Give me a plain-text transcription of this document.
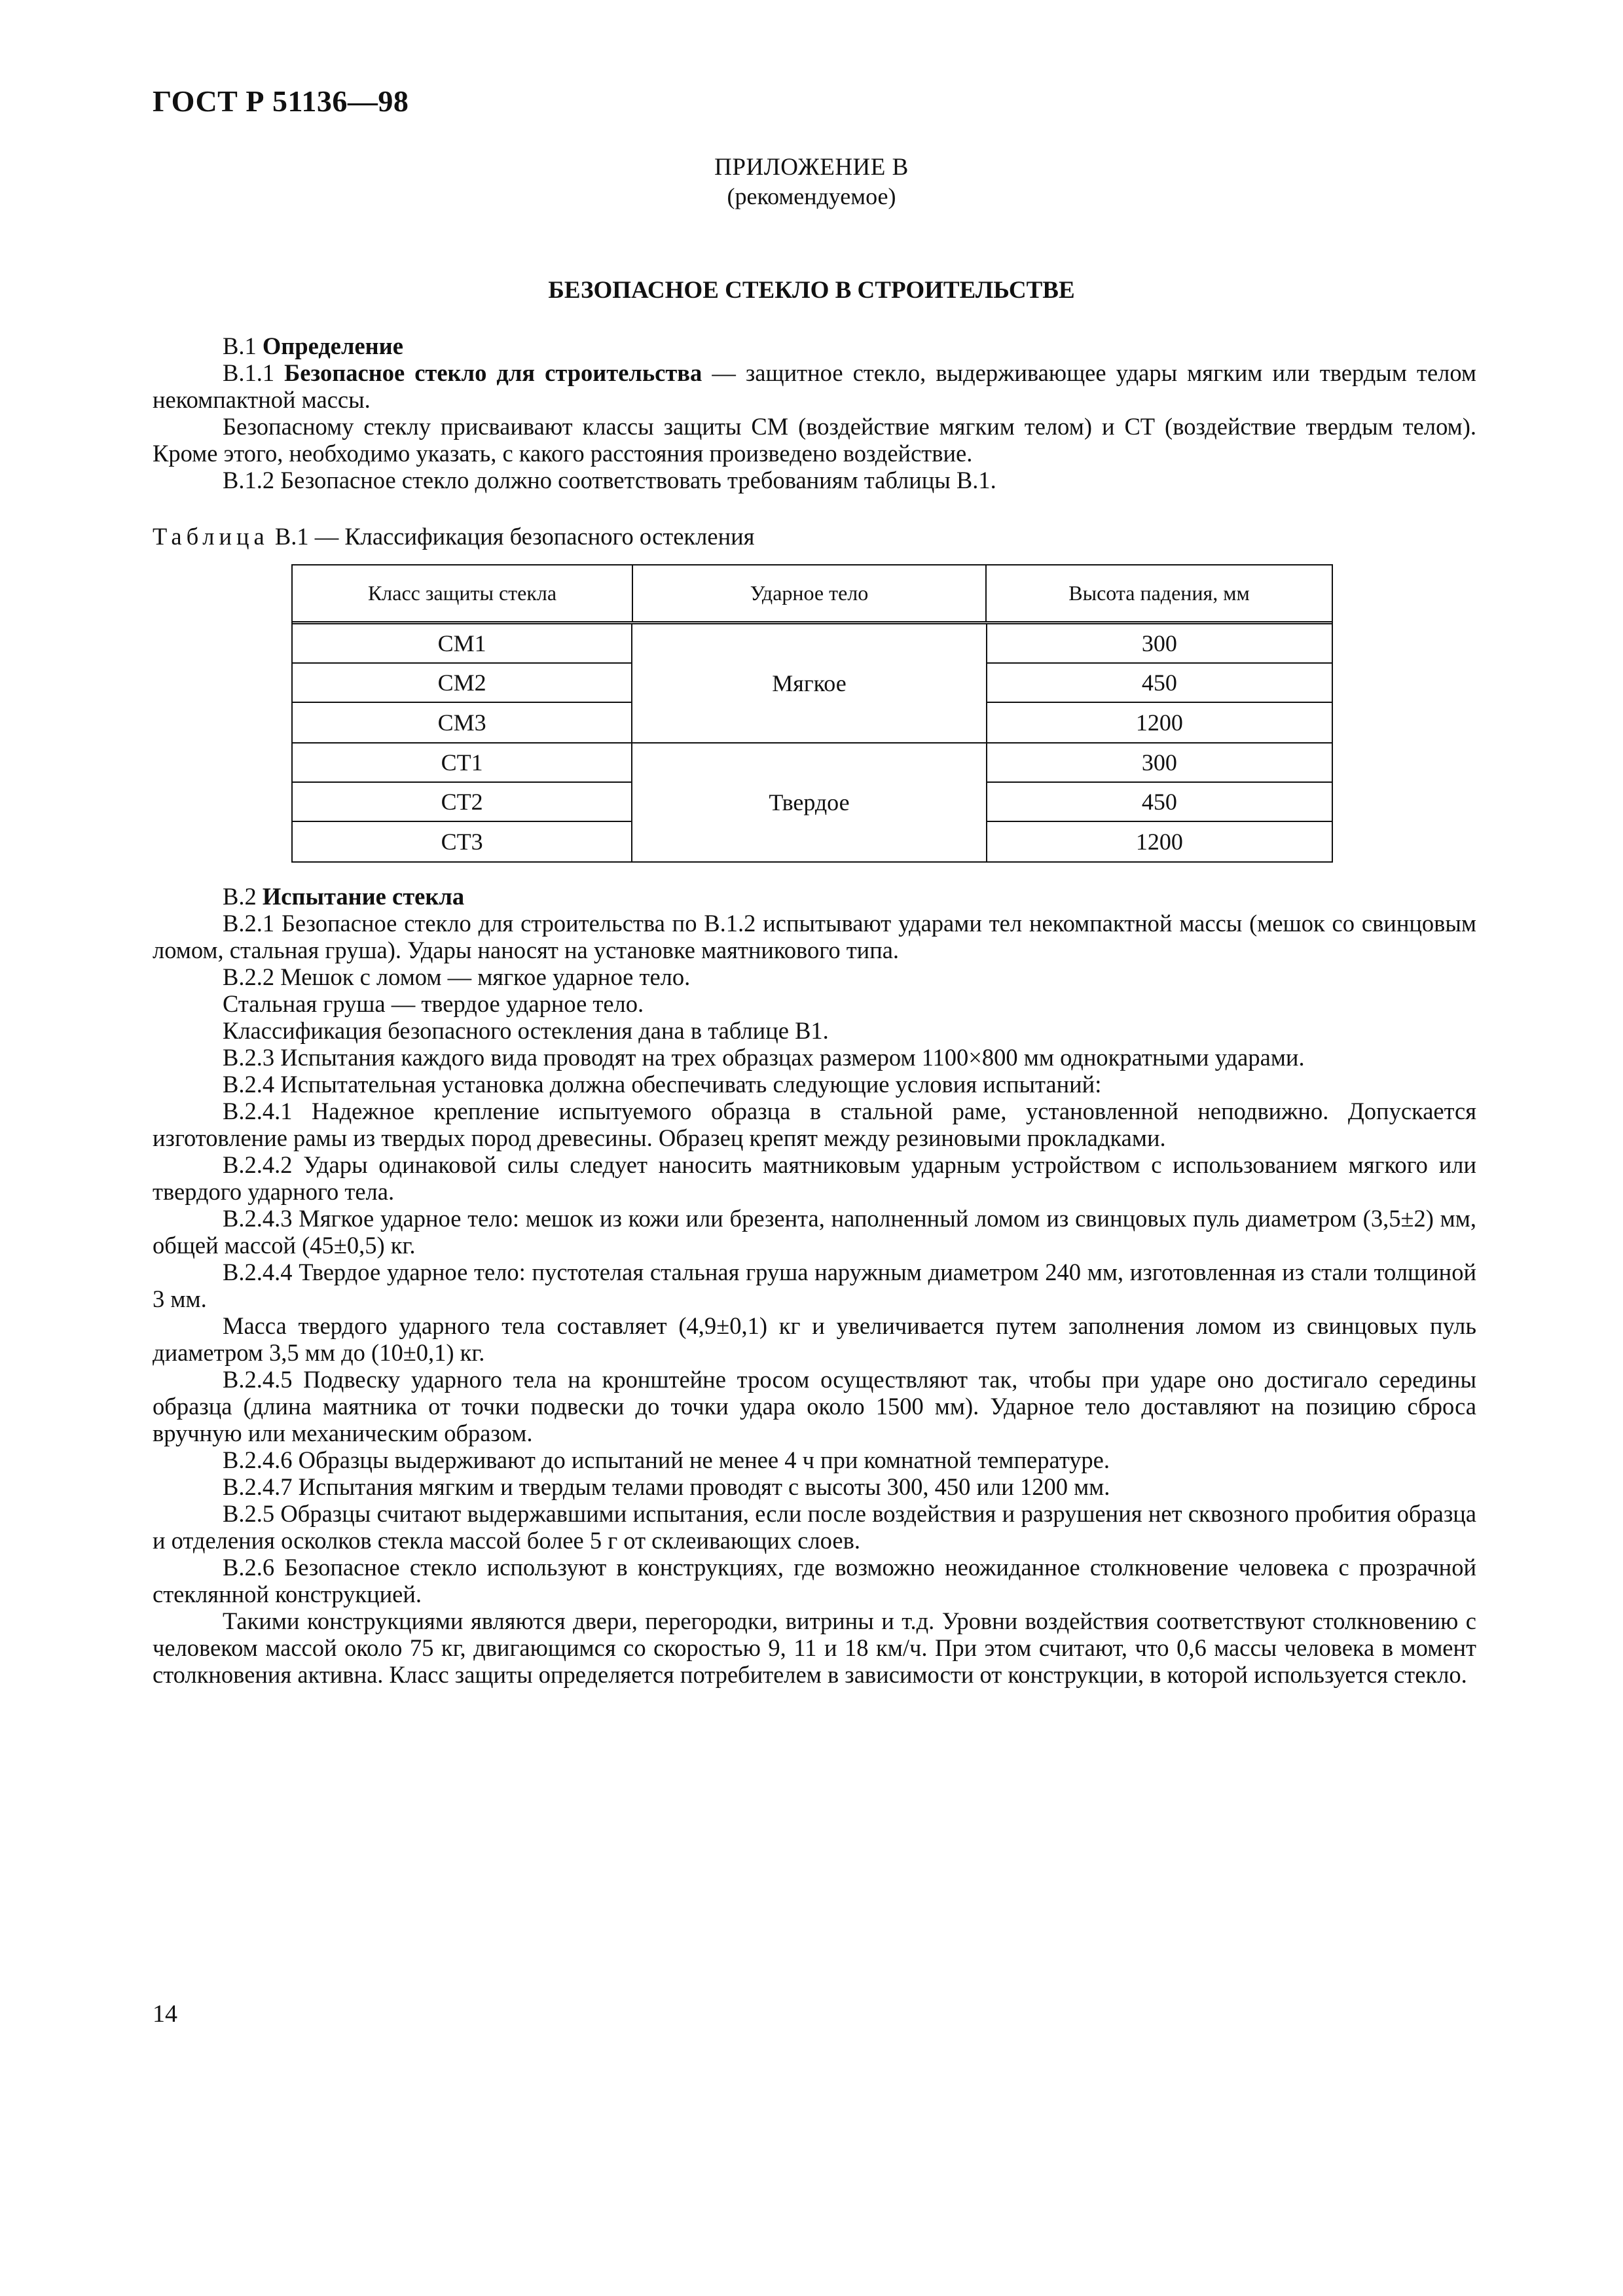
ГОСТ Р 51136—98
ПРИЛОЖЕНИЕ В
(рекомендуемое)
БЕЗОПАСНОЕ СТЕКЛО В СТРОИТЕЛЬСТВЕ

В.1 Определение

В.1.1 Безопасное стекло для строительства — защитное стекло, выдерживающее удары мягким или твердым телом некомпактной массы.

Безопасному стеклу присваивают классы защиты СМ (воздействие мягким телом) и СТ (воздействие твердым телом). Кроме этого, необходимо указать, с какого расстояния произведено воздействие.

В.1.2 Безопасное стекло должно соответствовать требованиям таблицы В.1.

Таблица В.1 — Классификация безопасного остекления
Класс защиты стекла	Ударное тело	Высота падения, мм
СМ1
СМ2
СМ3
Мягкое
300
450
1200
СТ1
СТ2
СТ3
Твердое
300
450
1200

В.2 Испытание стекла

В.2.1 Безопасное стекло для строительства по В.1.2 испытывают ударами тел некомпактной массы (мешок со свинцовым ломом, стальная груша). Удары наносят на установке маятникового типа.

В.2.2 Мешок с ломом — мягкое ударное тело.

Стальная груша — твердое ударное тело.

Классификация безопасного остекления дана в таблице В1.

В.2.3 Испытания каждого вида проводят на трех образцах размером 1100×800 мм однократными ударами.

В.2.4 Испытательная установка должна обеспечивать следующие условия испытаний:

В.2.4.1 Надежное крепление испытуемого образца в стальной раме, установленной неподвижно. Допускается изготовление рамы из твердых пород древесины. Образец крепят между резиновыми прокладками.

В.2.4.2 Удары одинаковой силы следует наносить маятниковым ударным устройством с использованием мягкого или твердого ударного тела.

В.2.4.3 Мягкое ударное тело: мешок из кожи или брезента, наполненный ломом из свинцовых пуль диаметром (3,5±2) мм, общей массой (45±0,5) кг.

В.2.4.4 Твердое ударное тело: пустотелая стальная груша наружным диаметром 240 мм, изготовленная из стали толщиной 3 мм.

Масса твердого ударного тела составляет (4,9±0,1) кг и увеличивается путем заполнения ломом из свинцовых пуль диаметром 3,5 мм до (10±0,1) кг.

В.2.4.5 Подвеску ударного тела на кронштейне тросом осуществляют так, чтобы при ударе оно достигало середины образца (длина маятника от точки подвески до точки удара около 1500 мм). Ударное тело доставляют на позицию сброса вручную или механическим образом.

В.2.4.6 Образцы выдерживают до испытаний не менее 4 ч при комнатной температуре.

В.2.4.7 Испытания мягким и твердым телами проводят с высоты 300, 450 или 1200 мм.

В.2.5 Образцы считают выдержавшими испытания, если после воздействия и разрушения нет сквозного пробития образца и отделения осколков стекла массой более 5 г от склеивающих слоев.

В.2.6 Безопасное стекло используют в конструкциях, где возможно неожиданное столкновение человека с прозрачной стеклянной конструкцией.

Такими конструкциями являются двери, перегородки, витрины и т.д. Уровни воздействия соответствуют столкновению с человеком массой около 75 кг, двигающимся со скоростью 9, 11 и 18 км/ч. При этом считают, что 0,6 массы человека в момент столкновения активна. Класс защиты определяется потребителем в зависимости от конструкции, в которой используется стекло.

14
